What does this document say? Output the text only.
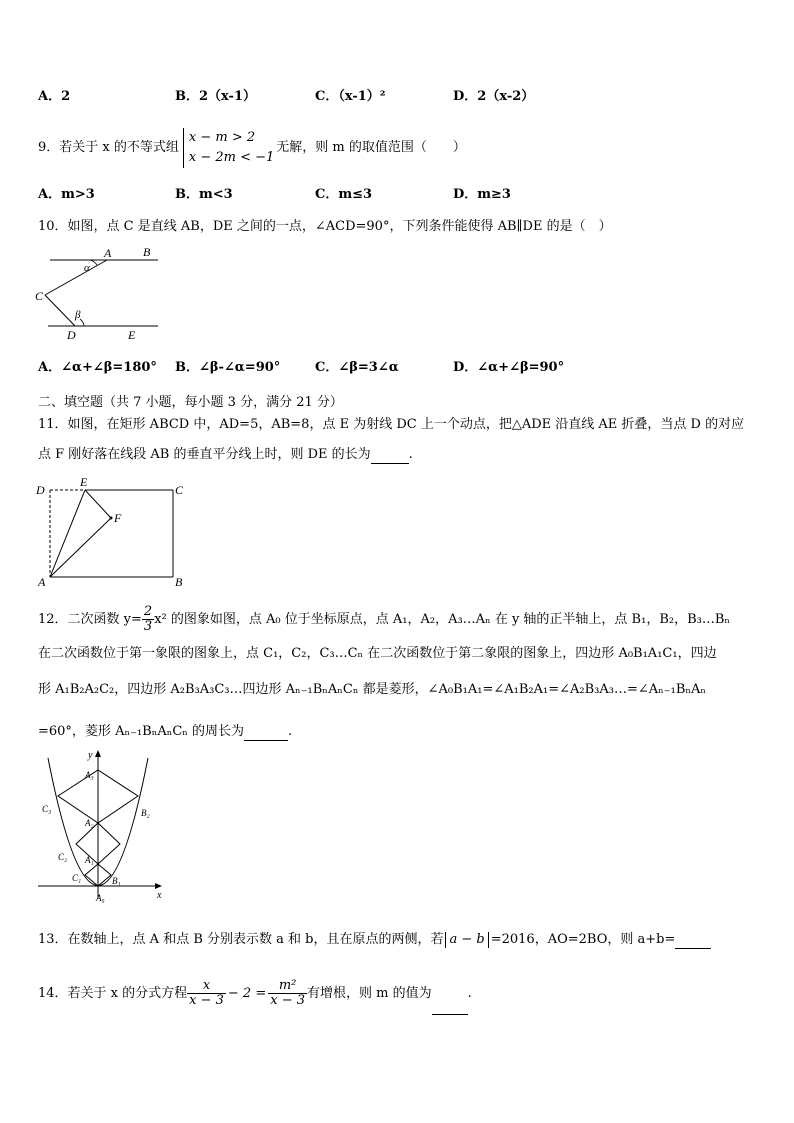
A．2	B．2（x-1）	C．（x-1）²	D．2（x-2）
9．若关于 x 的不等式组
x − m > 2
x − 2m < −1
无解，则 m 的取值范围（　　）
A．m>3	B．m<3	C．m≤3	D．m≥3
10．如图，点 C 是直线 AB，DE 之间的一点，∠ACD=90°，下列条件能使得 AB∥DE 的是（　）
A	B
C
D	E
α
β
A．∠α+∠β=180° B．∠β-∠α=90°	C．∠β=3∠α	D．∠α+∠β=90°
二、填空题（共 7 小题，每小题 3 分，满分 21 分）
11．如图，在矩形 ABCD 中，AD=5，AB=8，点 E 为射线 DC 上一个动点，把△ADE 沿直线 AE 折叠，当点 D 的对应
点 F 刚好落在线段 AB 的垂直平分线上时，则 DE 的长为	.
D
E
C
F
A	B
12．二次函数 $y= \frac{2}{3} x^2$ 的图象如图，点 A₀ 位于坐标原点，点 A₁，A₂，A₃…Aₙ 在 y 轴的正半轴上，点 B₁，B₂，B₃…Bₙ
在二次函数位于第一象限的图象上，点 C₁，C₂，C₃…Cₙ 在二次函数位于第二象限的图象上，四边形 A₀B₁A₁C₁，四边
形 A₁B₂A₂C₂，四边形 A₂B₃A₃C₃…四边形 Aₙ₋₁BₙAₙCₙ 都是菱形，∠A₀B₁A₁=∠A₁B₂A₁=∠A₂B₃A₃…=∠Aₙ₋₁BₙAₙ
=60°，菱形 Aₙ₋₁BₙAₙCₙ 的周长为	.
y
x
A₀
A₁
A₂
A₃
B₁
B₂
C₁
C₂
C₃
13．在数轴上，点 A 和点 B 分别表示数 a 和 b，且在原点的两侧，若 a − b =2016，AO=2BO，则 a+b=
14．若关于 x 的分式方程 $\frac{x}{x - 3} - 2 = \frac{\text{m²}}{x - 3}$ 有增根，则 m 的值为	.
